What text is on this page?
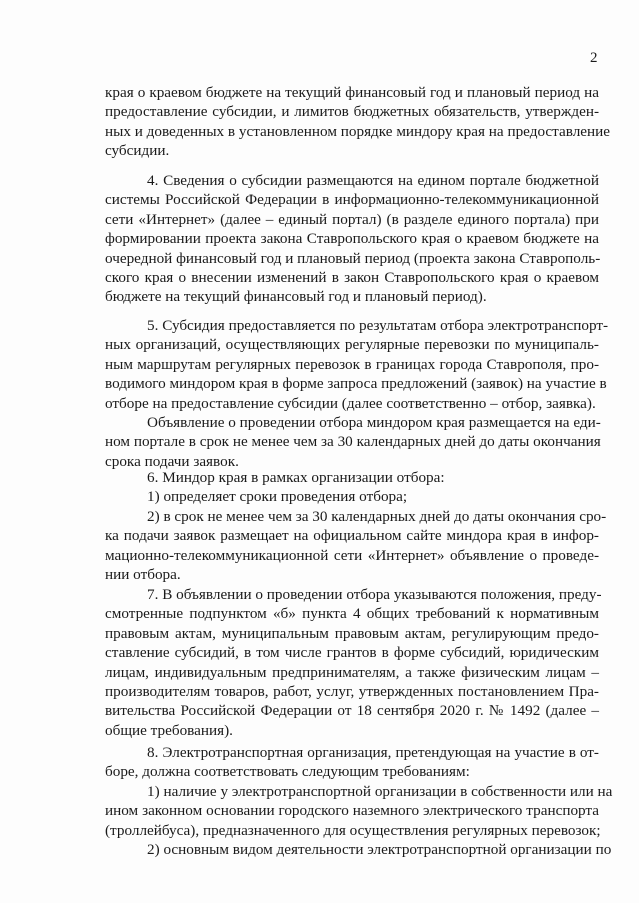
2
края о краевом бюджете на текущий финансовый год и плановый период на
предоставление субсидии, и лимитов бюджетных обязательств, утвержден-
ных и доведенных в установленном порядке миндору края на предоставление
субсидии.
4. Сведения о субсидии размещаются на едином портале бюджетной
системы Российской Федерации в информационно-телекоммуникационной
сети «Интернет» (далее – единый портал) (в разделе единого портала) при
формировании проекта закона Ставропольского края о краевом бюджете на
очередной финансовый год и плановый период (проекта закона Ставрополь-
ского края о внесении изменений в закон Ставропольского края о краевом
бюджете на текущий финансовый год и плановый период).
5. Субсидия предоставляется по результатам отбора электротранспорт-
ных организаций, осуществляющих регулярные перевозки по муниципаль-
ным маршрутам регулярных перевозок в границах города Ставрополя, про-
водимого миндором края в форме запроса предложений (заявок) на участие в
отборе на предоставление субсидии (далее соответственно – отбор, заявка).
Объявление о проведении отбора миндором края размещается на еди-
ном портале в срок не менее чем за 30 календарных дней до даты окончания
срока подачи заявок.
6. Миндор края в рамках организации отбора:
1) определяет сроки проведения отбора;
2) в срок не менее чем за 30 календарных дней до даты окончания сро-
ка подачи заявок размещает на официальном сайте миндора края в инфор-
мационно-телекоммуникационной сети «Интернет» объявление о проведе-
нии отбора.
7. В объявлении о проведении отбора указываются положения, преду-
смотренные подпунктом «б» пункта 4 общих требований к нормативным
правовым актам, муниципальным правовым актам, регулирующим предо-
ставление субсидий, в том числе грантов в форме субсидий, юридическим
лицам, индивидуальным предпринимателям, а также физическим лицам –
производителям товаров, работ, услуг, утвержденных постановлением Пра-
вительства Российской Федерации от 18 сентября 2020 г. № 1492 (далее –
общие требования).
8. Электротранспортная организация, претендующая на участие в от-
боре, должна соответствовать следующим требованиям:
1) наличие у электротранспортной организации в собственности или на
ином законном основании городского наземного электрического транспорта
(троллейбуса), предназначенного для осуществления регулярных перевозок;
2) основным видом деятельности электротранспортной организации по
